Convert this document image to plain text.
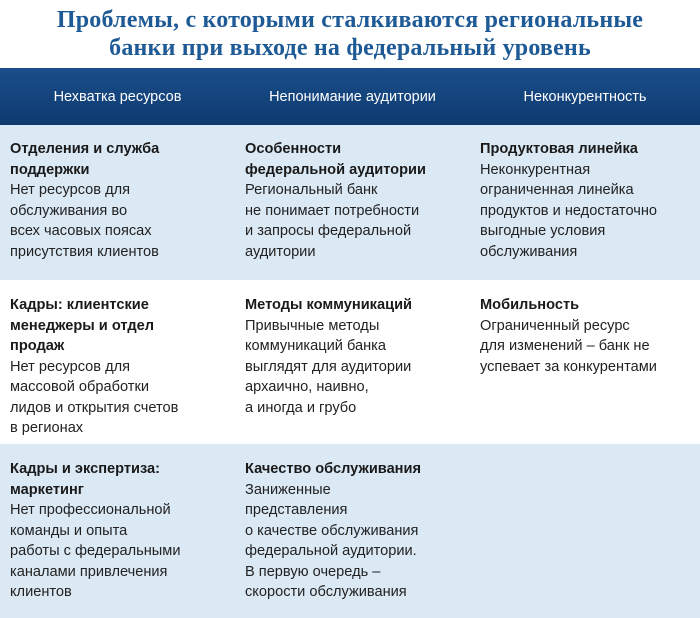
Проблемы, с которыми сталкиваются региональные
банки при выходе на федеральный уровень
Нехватка ресурсов	Непонимание аудитории	Неконкурентность
Отделения и служба
поддержки
Нет ресурсов для
обслуживания во
всех часовых поясах
присутствия клиентов
Особенности
федеральной аудитории
Региональный банк
не понимает потребности
и запросы федеральной
аудитории
Продуктовая линейка
Неконкурентная
ограниченная линейка
продуктов и недостаточно
выгодные условия
обслуживания
Кадры: клиентские
менеджеры и отдел
продаж
Нет ресурсов для
массовой обработки
лидов и открытия счетов
в регионах
Методы коммуникаций
Привычные методы
коммуникаций банка
выглядят для аудитории
архаично, наивно,
а иногда и грубо
Мобильность
Ограниченный ресурс
для изменений – банк не
успевает за конкурентами
Кадры и экспертиза:
маркетинг
Нет профессиональной
команды и опыта
работы с федеральными
каналами привлечения
клиентов
Качество обслуживания
Заниженные
представления
о качестве обслуживания
федеральной аудитории.
В первую очередь –
скорости обслуживания
